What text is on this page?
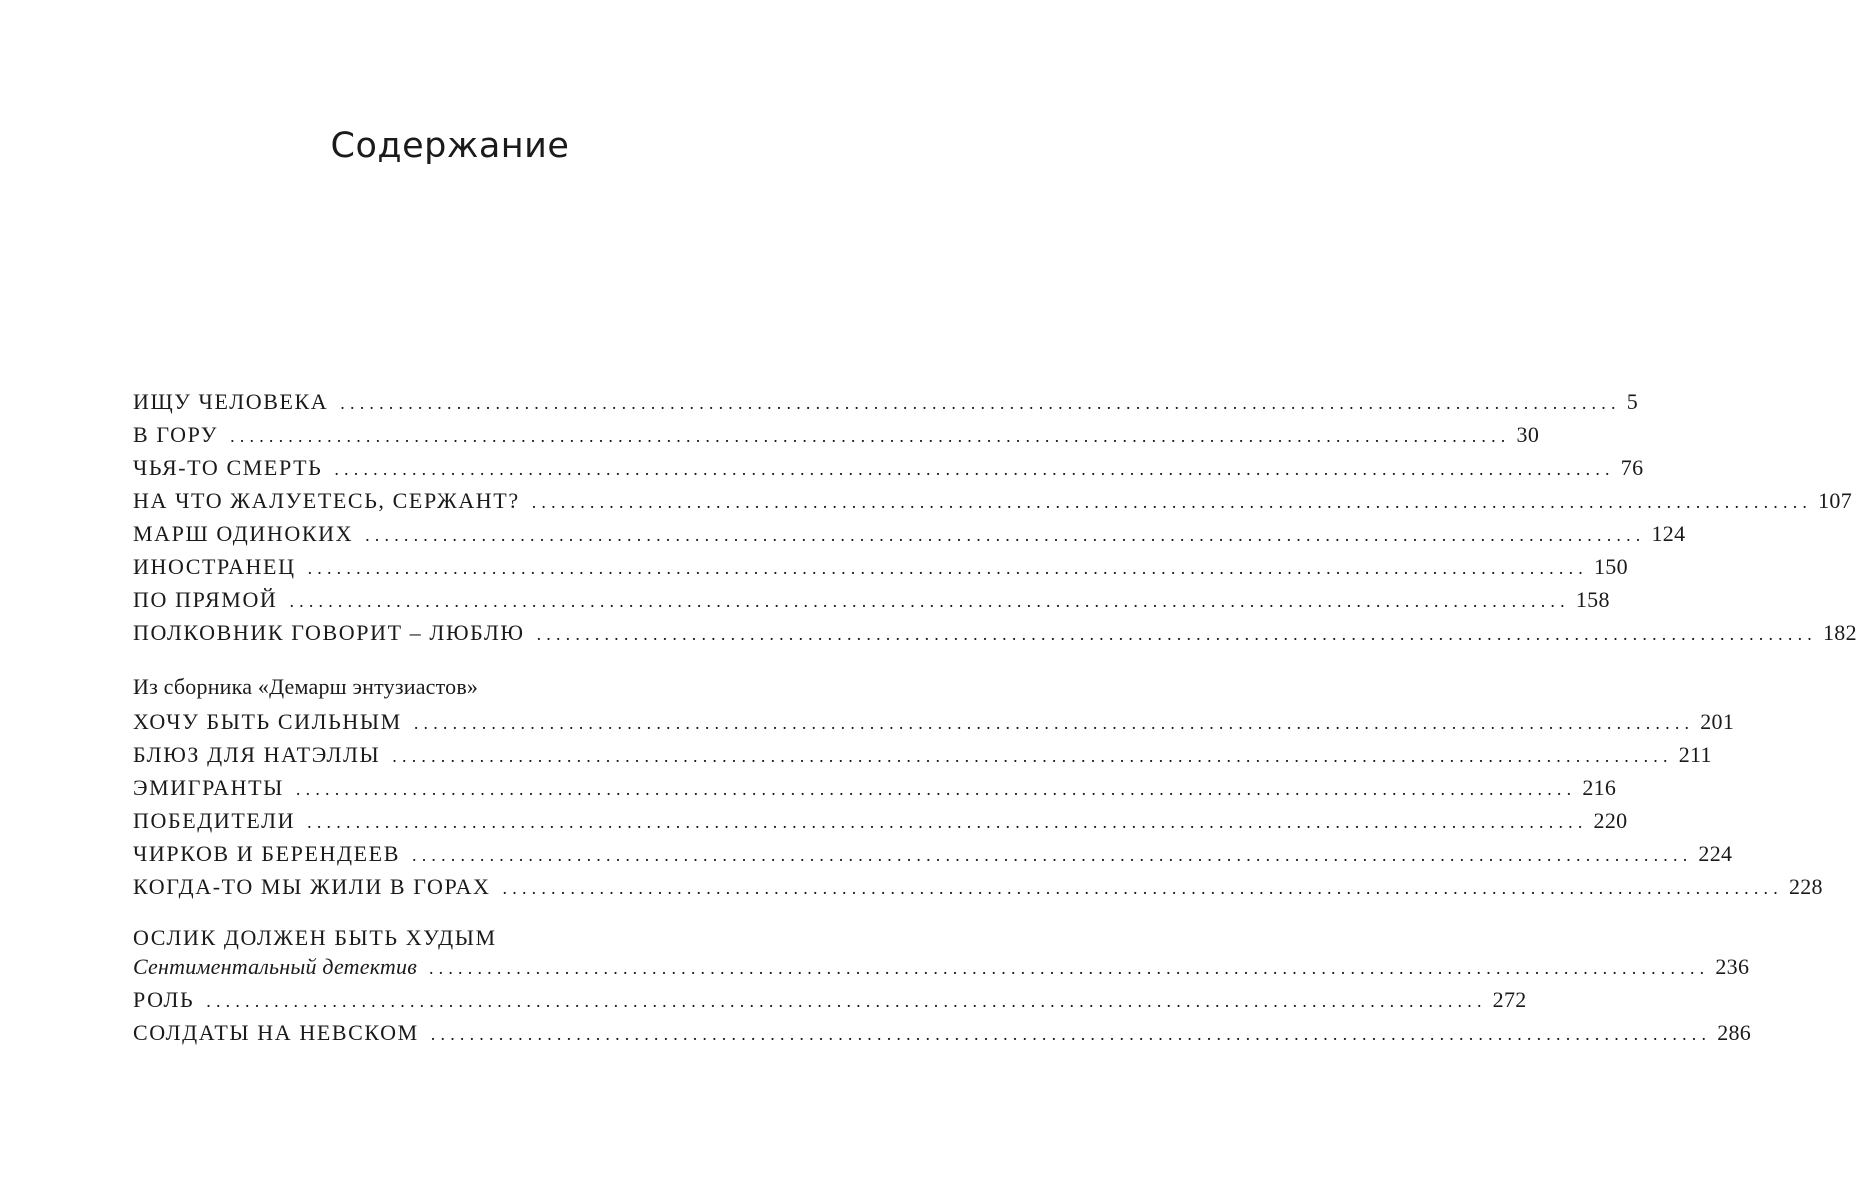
Содержание
ИЩУ ЧЕЛОВЕКА .................................................................................................................................... 5
В ГОРУ .................................................................................................................................... 30
ЧЬЯ-ТО СМЕРТЬ .................................................................................................................................... 76
НА ЧТО ЖАЛУЕТЕСЬ, СЕРЖАНТ? .................................................................................................................................... 107
МАРШ ОДИНОКИХ .................................................................................................................................... 124
ИНОСТРАНЕЦ .................................................................................................................................... 150
ПО ПРЯМОЙ .................................................................................................................................... 158
ПОЛКОВНИК ГОВОРИТ – ЛЮБЛЮ .................................................................................................................................... 182
Из сборника «Демарш энтузиастов»
ХОЧУ БЫТЬ СИЛЬНЫМ .................................................................................................................................... 201
БЛЮЗ ДЛЯ НАТЭЛЛЫ .................................................................................................................................... 211
ЭМИГРАНТЫ .................................................................................................................................... 216
ПОБЕДИТЕЛИ .................................................................................................................................... 220
ЧИРКОВ И БЕРЕНДЕЕВ .................................................................................................................................... 224
КОГДА-ТО МЫ ЖИЛИ В ГОРАХ .................................................................................................................................... 228
ОСЛИК ДОЛЖЕН БЫТЬ ХУДЫМ
Сентиментальный детектив .................................................................................................................................... 236
РОЛЬ .................................................................................................................................... 272
СОЛДАТЫ НА НЕВСКОМ .................................................................................................................................... 286
